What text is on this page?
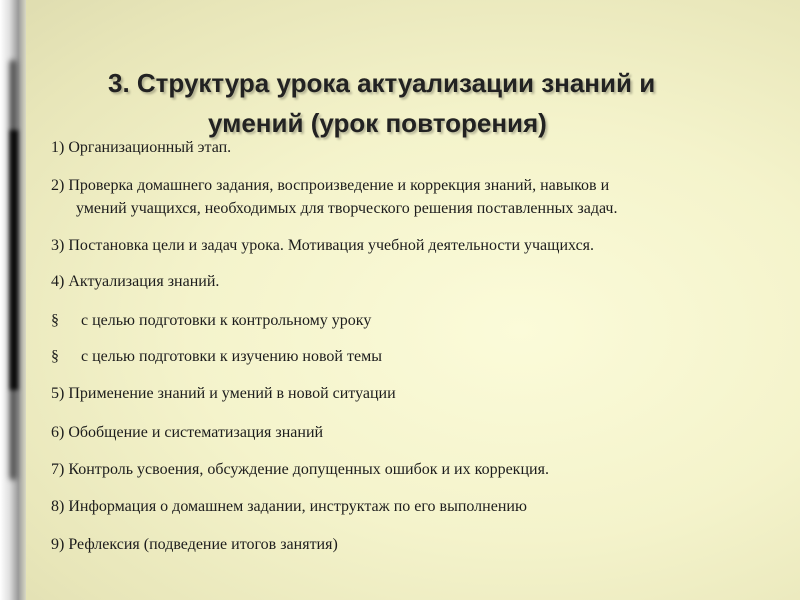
3. Структура урока актуализации знаний и
умений (урок повторения)
1) Организационный этап.
2) Проверка домашнего задания, воспроизведение и коррекция знаний, навыков и
умений учащихся, необходимых для творческого решения поставленных задач.
3) Постановка цели и задач урока. Мотивация учебной деятельности учащихся.
4) Актуализация знаний.
§ с целью подготовки к контрольному уроку
§ с целью подготовки к изучению новой темы
5) Применение знаний и умений в новой ситуации
6) Обобщение и систематизация знаний
7) Контроль усвоения, обсуждение допущенных ошибок и их коррекция.
8) Информация о домашнем задании, инструктаж по его выполнению
9) Рефлексия (подведение итогов занятия)
